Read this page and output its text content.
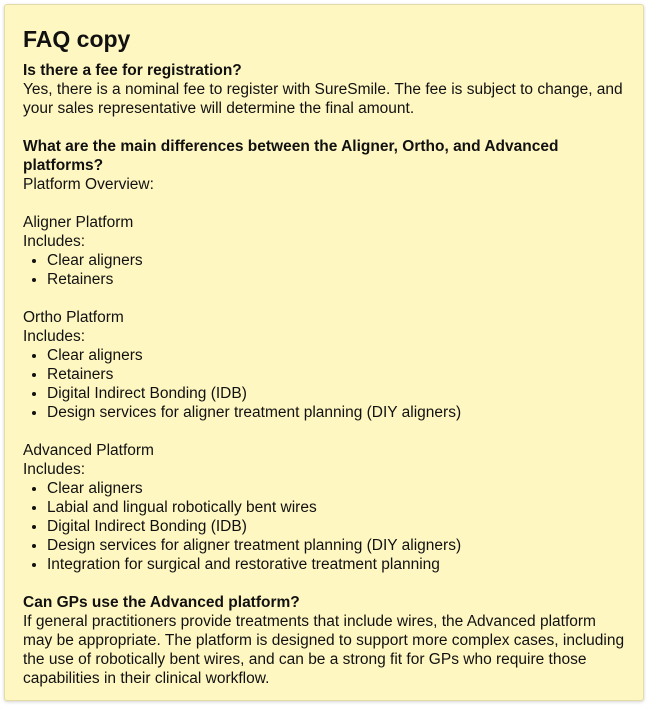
FAQ copy
Is there a fee for registration?
Yes, there is a nominal fee to register with SureSmile. The fee is subject to change, and your sales representative will determine the final amount.
What are the main differences between the Aligner, Ortho, and Advanced platforms?
Platform Overview:
Aligner Platform
Includes:
• Clear aligners
• Retainers
Ortho Platform
Includes:
• Clear aligners
• Retainers
• Digital Indirect Bonding (IDB)
• Design services for aligner treatment planning (DIY aligners)
Advanced Platform
Includes:
• Clear aligners
• Labial and lingual robotically bent wires
• Digital Indirect Bonding (IDB)
• Design services for aligner treatment planning (DIY aligners)
• Integration for surgical and restorative treatment planning
Can GPs use the Advanced platform?
If general practitioners provide treatments that include wires, the Advanced platform may be appropriate. The platform is designed to support more complex cases, including the use of robotically bent wires, and can be a strong fit for GPs who require those capabilities in their clinical workflow.
